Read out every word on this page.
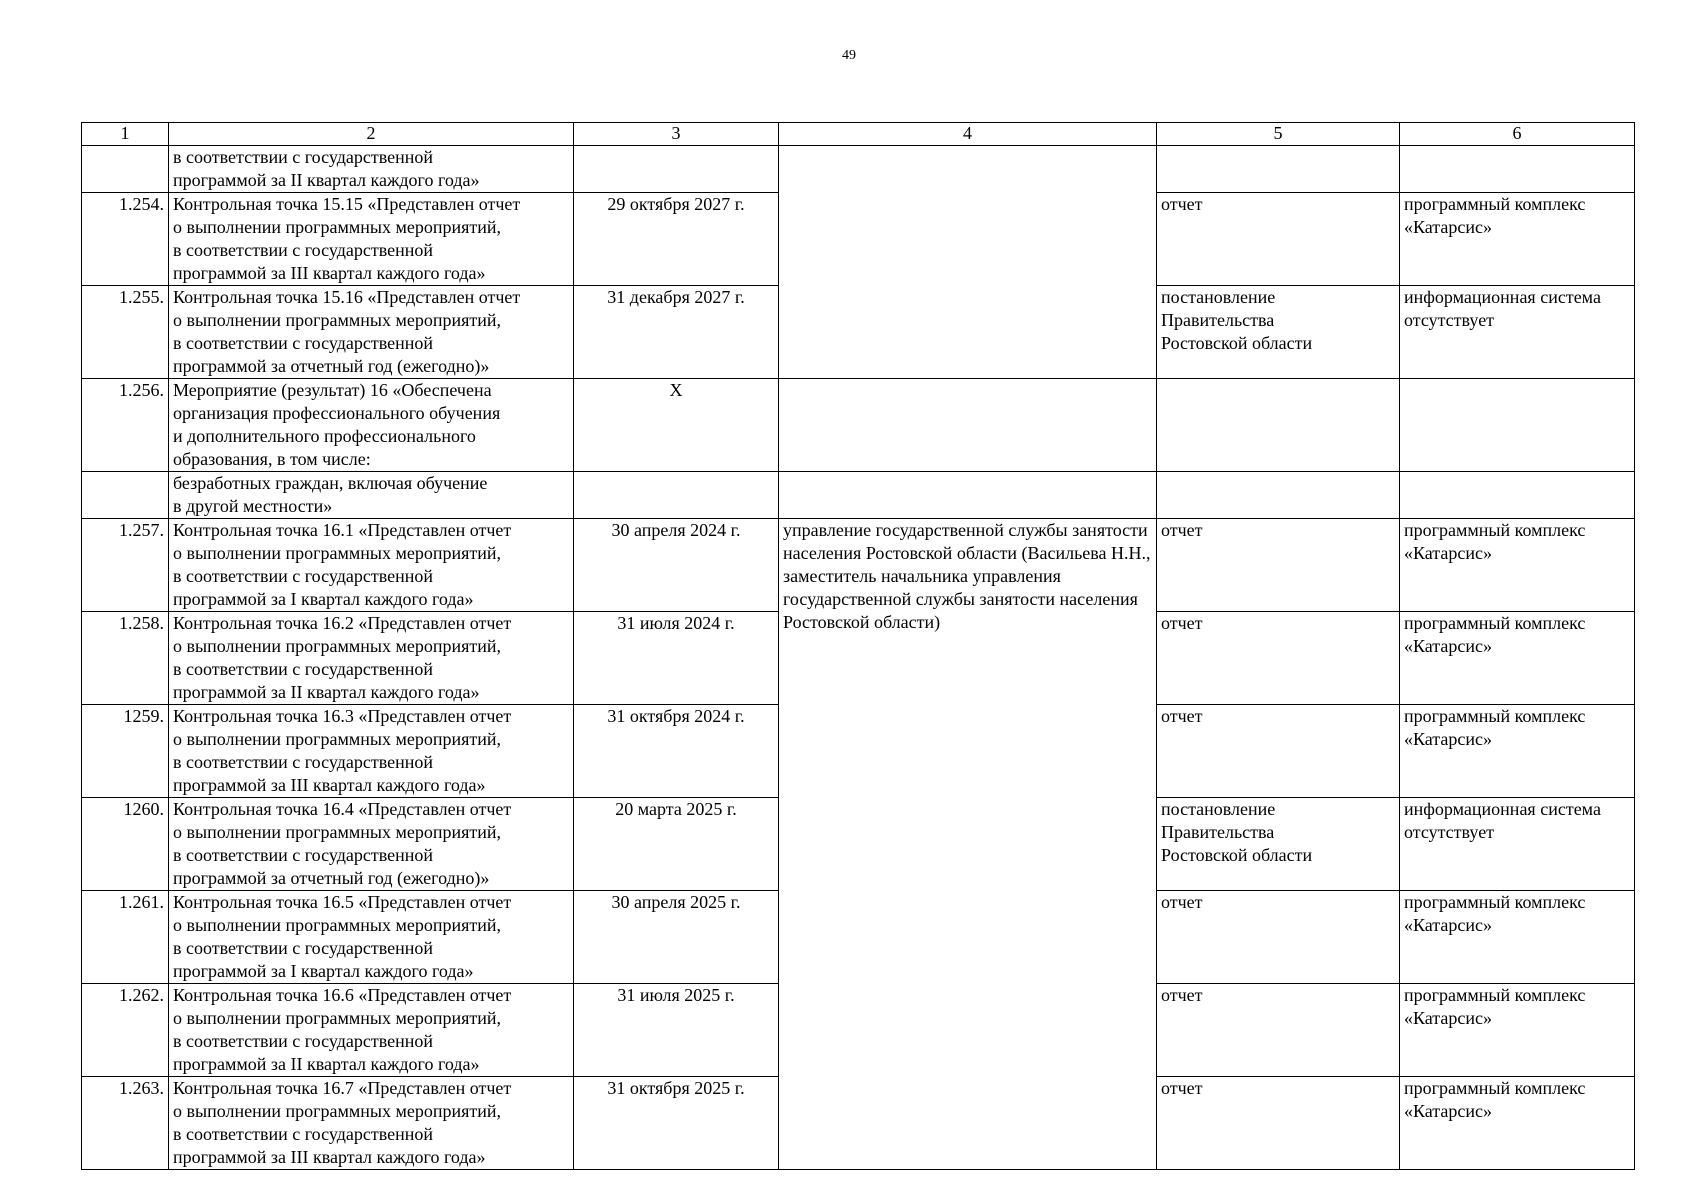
49
1	2	3	4	5	6
	в соответствии с государственной
программой за II квартал каждого года»				
1.254.	Контрольная точка 15.15 «Представлен отчет
о выполнении программных мероприятий,
в соответствии с государственной
программой за III квартал каждого года»	29 октября 2027 г.		отчет	программный комплекс
«Катарсис»
1.255.	Контрольная точка 15.16 «Представлен отчет
о выполнении программных мероприятий,
в соответствии с государственной
программой за отчетный год (ежегодно)»	31 декабря 2027 г.		постановление
Правительства
Ростовской области	информационная система
отсутствует
1.256.	Мероприятие (результат) 16 «Обеспечена
организация профессионального обучения
и дополнительного профессионального
образования, в том числе:	Х			
	безработных граждан, включая обучение
в другой местности»				
1.257.	Контрольная точка 16.1 «Представлен отчет
о выполнении программных мероприятий,
в соответствии с государственной
программой за I квартал каждого года»	30 апреля 2024 г.	управление государственной службы занятости населения Ростовской области (Васильева Н.Н., заместитель начальника управления государственной службы занятости населения Ростовской области)	отчет	программный комплекс
«Катарсис»
1.258.	Контрольная точка 16.2 «Представлен отчет
о выполнении программных мероприятий,
в соответствии с государственной
программой за II квартал каждого года»	31 июля 2024 г.		отчет	программный комплекс
«Катарсис»
1259.	Контрольная точка 16.3 «Представлен отчет
о выполнении программных мероприятий,
в соответствии с государственной
программой за III квартал каждого года»	31 октября 2024 г.		отчет	программный комплекс
«Катарсис»
1260.	Контрольная точка 16.4 «Представлен отчет
о выполнении программных мероприятий,
в соответствии с государственной
программой за отчетный год (ежегодно)»	20 марта 2025 г.		постановление
Правительства
Ростовской области	информационная система
отсутствует
1.261.	Контрольная точка 16.5 «Представлен отчет
о выполнении программных мероприятий,
в соответствии с государственной
программой за I квартал каждого года»	30 апреля 2025 г.		отчет	программный комплекс
«Катарсис»
1.262.	Контрольная точка 16.6 «Представлен отчет
о выполнении программных мероприятий,
в соответствии с государственной
программой за II квартал каждого года»	31 июля 2025 г.		отчет	программный комплекс
«Катарсис»
1.263.	Контрольная точка 16.7 «Представлен отчет
о выполнении программных мероприятий,
в соответствии с государственной
программой за III квартал каждого года»	31 октября 2025 г.		отчет	программный комплекс
«Катарсис»
